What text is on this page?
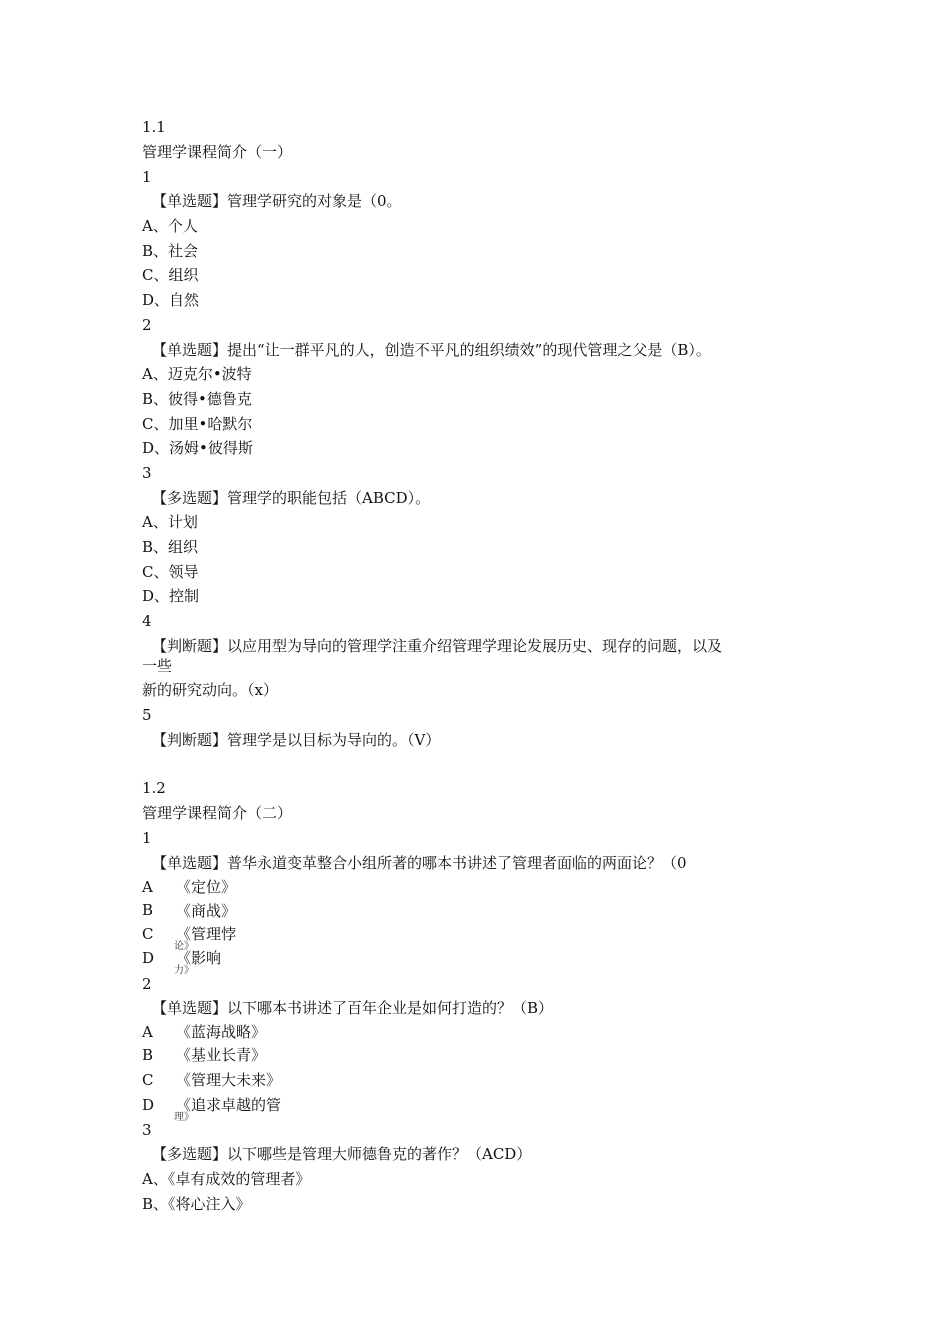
1.1
管理学课程简介（一）
1
【单选题】管理学研究的对象是（0。
A、个人
B、社会
C、组织
D、自然
2
【单选题】提出“让一群平凡的人，创造不平凡的组织绩效”的现代管理之父是（B）。
A、迈克尔•波特
B、彼得•德鲁克
C、加里•哈默尔
D、汤姆•彼得斯
3
【多选题】管理学的职能包括（ABCD）。
A、计划
B、组织
C、领导
D、控制
4
【判断题】以应用型为导向的管理学注重介绍管理学理论发展历史、现存的问题，以及
一些
新的研究动向。（x）
5
【判断题】管理学是以目标为导向的。（V）
1.2
管理学课程简介（二）
1
【单选题】普华永道变革整合小组所著的哪本书讲述了管理者面临的两面论？（0
A 《定位》
B 《商战》
C 《管理悖
论》
D 《影响
力》
2
【单选题】以下哪本书讲述了百年企业是如何打造的？（B）
A 《蓝海战略》
B 《基业长青》
C 《管理大未来》
D 《追求卓越的管
理》
3
【多选题】以下哪些是管理大师德鲁克的著作？（ACD）
A、《卓有成效的管理者》
B、《将心注入》
